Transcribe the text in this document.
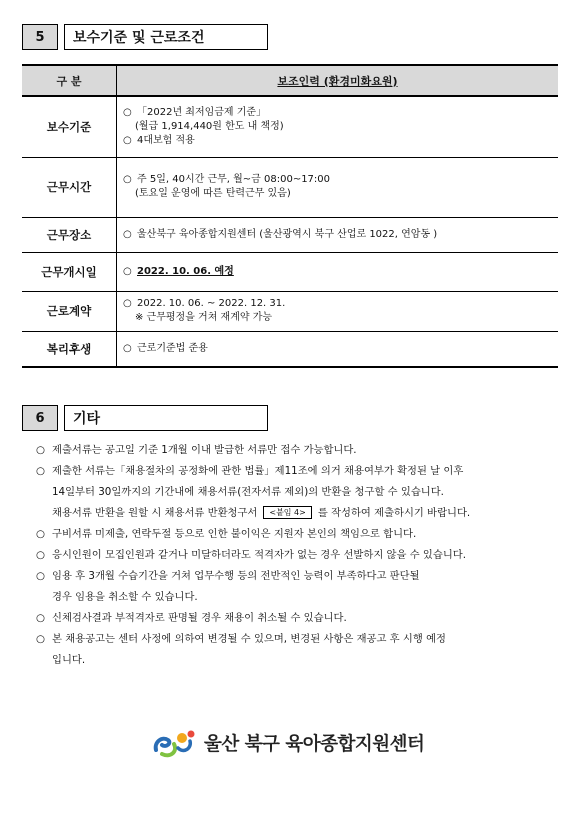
5	보수기준 및 근로조건
구 분	보조인력 (환경미화요원)
보수기준	○ 「2022년 최저임금제 기준」
(월급 1,914,440원 한도 내 책정)
○ 4대보험 적용

근무시간	○ 주 5일, 40시간 근무, 월~금 08:00~17:00
(토요일 운영에 따른 탄력근무 있음)

근무장소	○ 울산북구 육아종합지원센터 (울산광역시 북구 산업로 1022, 연암동 )

근무개시일	○ 2022. 10. 06. 예정

근로계약	○ 2022. 10. 06. ~ 2022. 12. 31.
※ 근무평정을 거쳐 재계약 가능

복리후생	○ 근로기준법 준용
6	기타

○ 제출서류는 공고일 기준 1개월 이내 발급한 서류만 접수 가능합니다.

○ 제출한 서류는「채용절차의 공정화에 관한 법률」제11조에 의거 채용여부가 확정된 날 이후

14일부터 30일까지의 기간내에 채용서류(전자서류 제외)의 반환을 청구할 수 있습니다.

채용서류 반환을 원할 시 채용서류 반환청구서 <붙임 4> 를 작성하여 제출하시기 바랍니다.

○ 구비서류 미제출, 연락두절 등으로 인한 불이익은 지원자 본인의 책임으로 합니다.

○ 응시인원이 모집인원과 같거나 미달하더라도 적격자가 없는 경우 선발하지 않을 수 있습니다.

○ 임용 후 3개월 수습기간을 거쳐 업무수행 등의 전반적인 능력이 부족하다고 판단될

경우 임용을 취소할 수 있습니다.

○ 신체검사결과 부적격자로 판명될 경우 채용이 취소될 수 있습니다.

○ 본 채용공고는 센터 사정에 의하여 변경될 수 있으며, 변경된 사항은 재공고 후 시행 예정

입니다.

울산 북구 육아종합지원센터
